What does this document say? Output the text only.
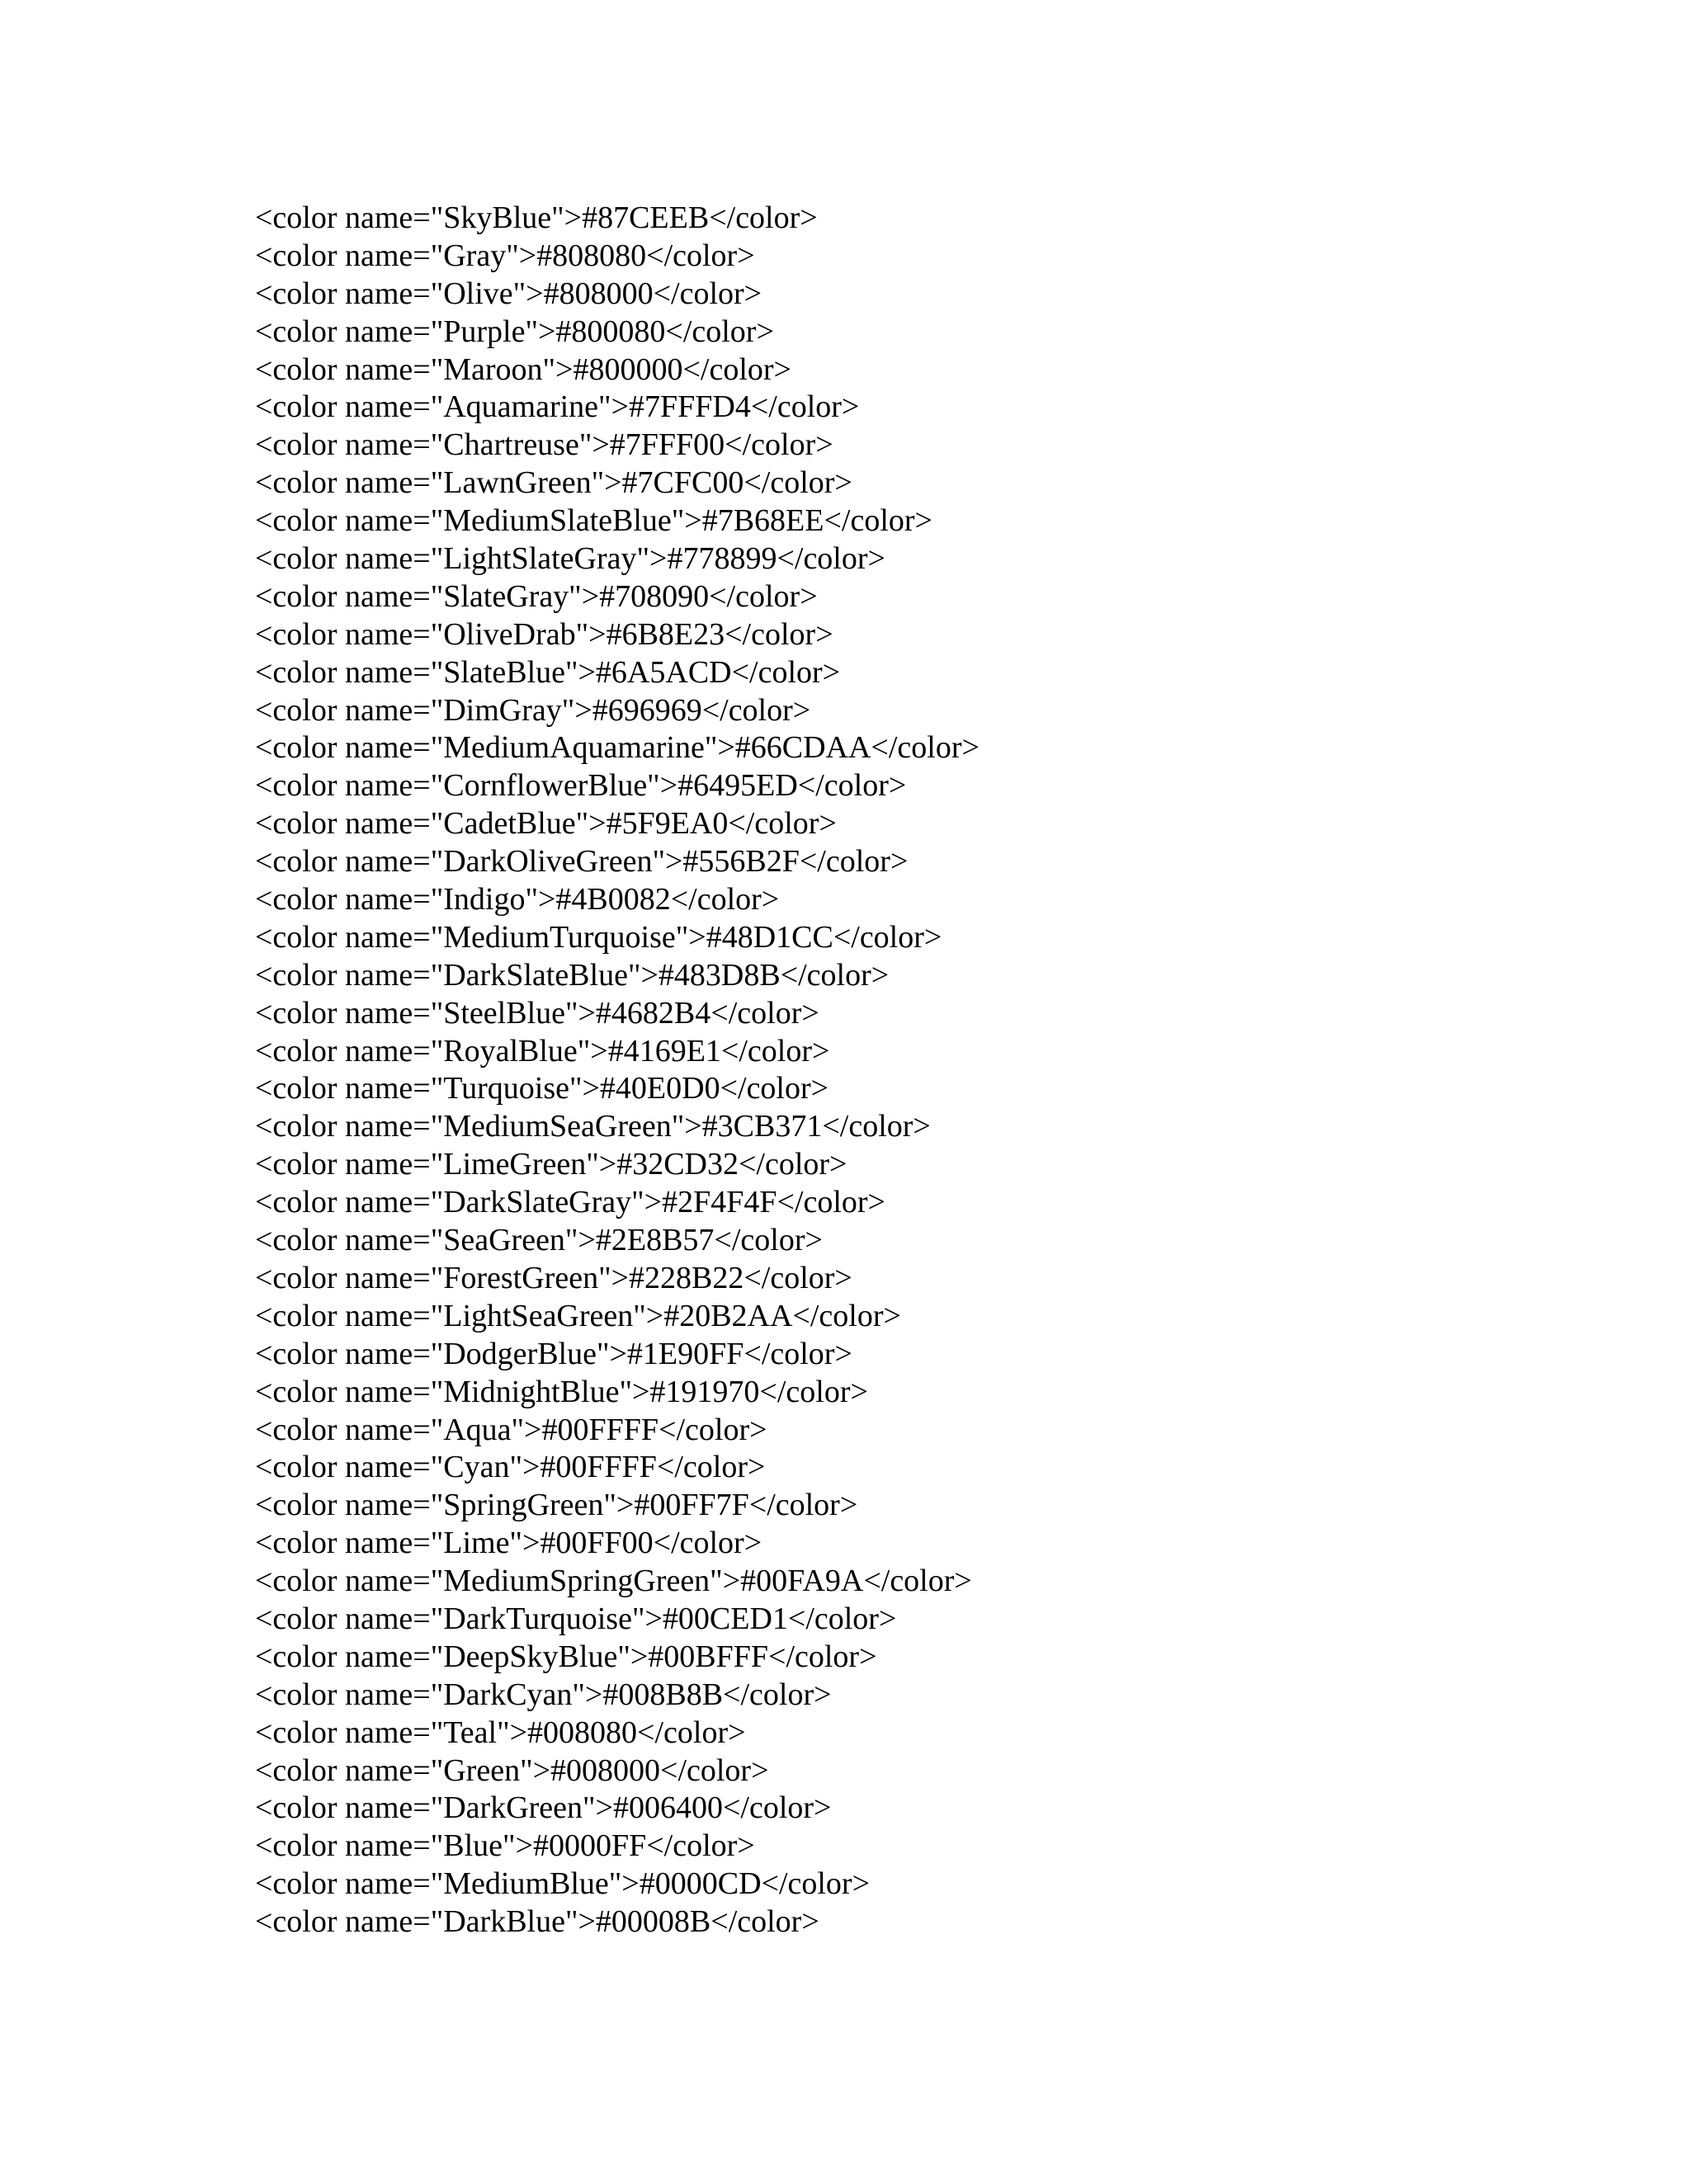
<color name="SkyBlue">#87CEEB</color>
<color name="Gray">#808080</color>
<color name="Olive">#808000</color>
<color name="Purple">#800080</color>
<color name="Maroon">#800000</color>
<color name="Aquamarine">#7FFFD4</color>
<color name="Chartreuse">#7FFF00</color>
<color name="LawnGreen">#7CFC00</color>
<color name="MediumSlateBlue">#7B68EE</color>
<color name="LightSlateGray">#778899</color>
<color name="SlateGray">#708090</color>
<color name="OliveDrab">#6B8E23</color>
<color name="SlateBlue">#6A5ACD</color>
<color name="DimGray">#696969</color>
<color name="MediumAquamarine">#66CDAA</color>
<color name="CornflowerBlue">#6495ED</color>
<color name="CadetBlue">#5F9EA0</color>
<color name="DarkOliveGreen">#556B2F</color>
<color name="Indigo">#4B0082</color>
<color name="MediumTurquoise">#48D1CC</color>
<color name="DarkSlateBlue">#483D8B</color>
<color name="SteelBlue">#4682B4</color>
<color name="RoyalBlue">#4169E1</color>
<color name="Turquoise">#40E0D0</color>
<color name="MediumSeaGreen">#3CB371</color>
<color name="LimeGreen">#32CD32</color>
<color name="DarkSlateGray">#2F4F4F</color>
<color name="SeaGreen">#2E8B57</color>
<color name="ForestGreen">#228B22</color>
<color name="LightSeaGreen">#20B2AA</color>
<color name="DodgerBlue">#1E90FF</color>
<color name="MidnightBlue">#191970</color>
<color name="Aqua">#00FFFF</color>
<color name="Cyan">#00FFFF</color>
<color name="SpringGreen">#00FF7F</color>
<color name="Lime">#00FF00</color>
<color name="MediumSpringGreen">#00FA9A</color>
<color name="DarkTurquoise">#00CED1</color>
<color name="DeepSkyBlue">#00BFFF</color>
<color name="DarkCyan">#008B8B</color>
<color name="Teal">#008080</color>
<color name="Green">#008000</color>
<color name="DarkGreen">#006400</color>
<color name="Blue">#0000FF</color>
<color name="MediumBlue">#0000CD</color>
<color name="DarkBlue">#00008B</color>
